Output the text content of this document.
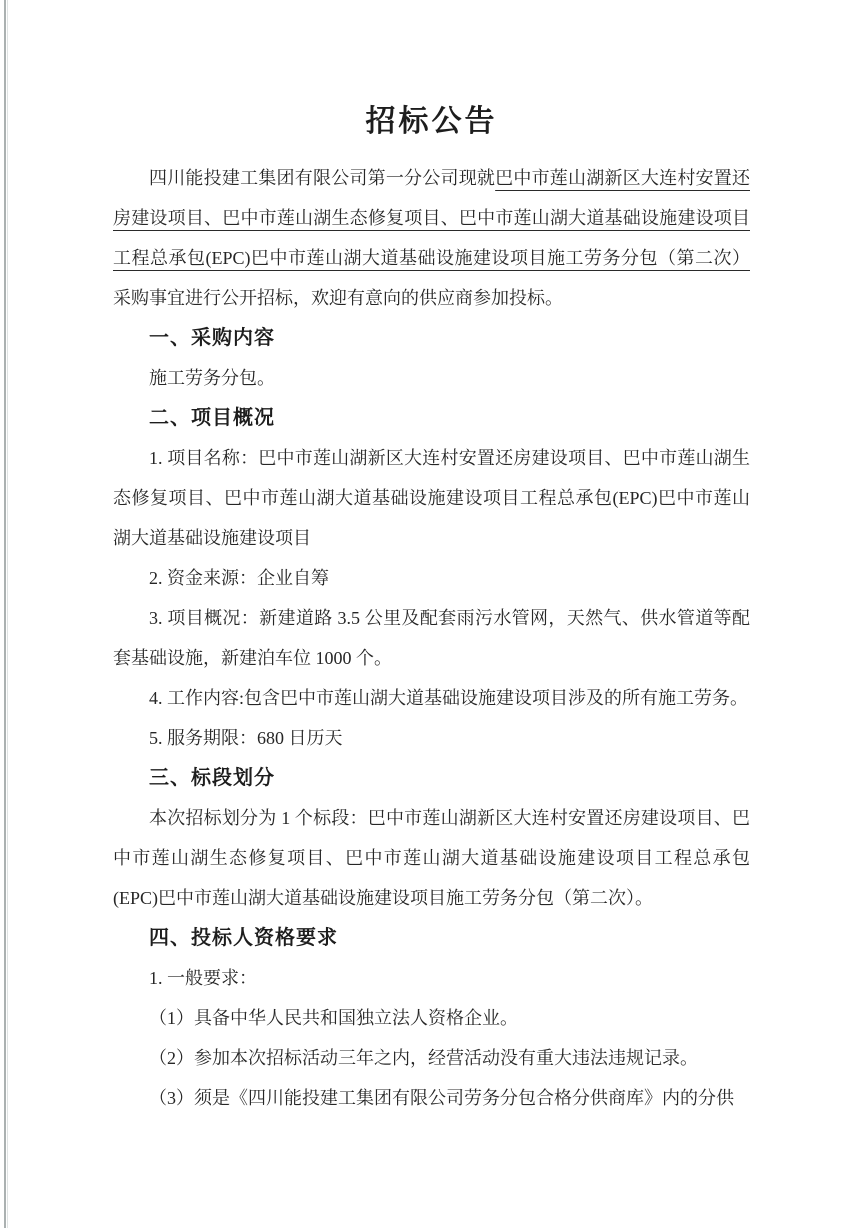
招标公告

四川能投建工集团有限公司第一分公司现就巴中市莲山湖新区大连村安置还房建设项目、巴中市莲山湖生态修复项目、巴中市莲山湖大道基础设施建设项目工程总承包(EPC)巴中市莲山湖大道基础设施建设项目施工劳务分包（第二次）采购事宜进行公开招标，欢迎有意向的供应商参加投标。

一、采购内容

施工劳务分包。

二、项目概况

1. 项目名称：巴中市莲山湖新区大连村安置还房建设项目、巴中市莲山湖生态修复项目、巴中市莲山湖大道基础设施建设项目工程总承包(EPC)巴中市莲山湖大道基础设施建设项目

2. 资金来源：企业自筹

3. 项目概况：新建道路 3.5 公里及配套雨污水管网，天然气、供水管道等配套基础设施，新建泊车位 1000 个。

4. 工作内容:包含巴中市莲山湖大道基础设施建设项目涉及的所有施工劳务。

5. 服务期限：680 日历天

三、标段划分

本次招标划分为 1 个标段：巴中市莲山湖新区大连村安置还房建设项目、巴中市莲山湖生态修复项目、巴中市莲山湖大道基础设施建设项目工程总承包(EPC)巴中市莲山湖大道基础设施建设项目施工劳务分包（第二次）。

四、投标人资格要求

1. 一般要求：

（1）具备中华人民共和国独立法人资格企业。

（2）参加本次招标活动三年之内，经营活动没有重大违法违规记录。

（3）须是《四川能投建工集团有限公司劳务分包合格分供商库》内的分供
